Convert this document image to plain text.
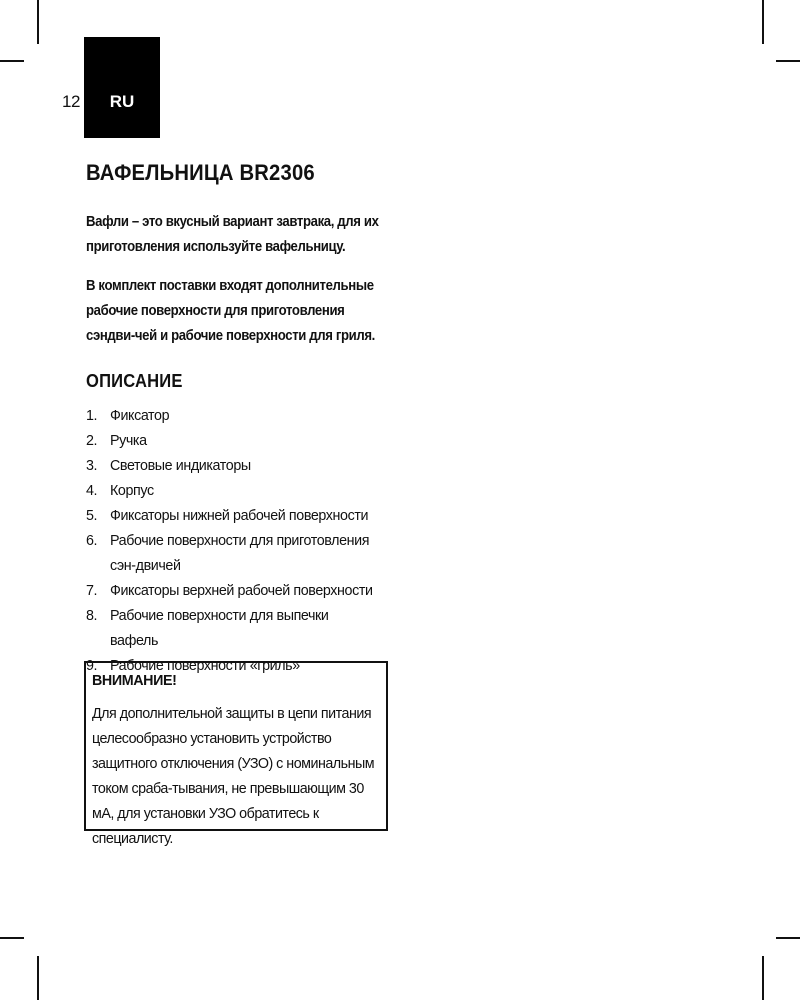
12 RU
ВАФЕЛЬНИЦА BR2306

Вафли – это вкусный вариант завтрака, для их приготовления используйте вафельницу.

В комплект поставки входят дополнительные рабочие поверхности для приготовления сэндви-чей и рабочие поверхности для гриля.

ОПИСАНИЕ
1. Фиксатор
2. Ручка
3. Световые индикаторы
4. Корпус
5. Фиксаторы нижней рабочей поверхности
6. Рабочие поверхности для приготовления сэн-двичей
7. Фиксаторы верхней рабочей поверхности
8. Рабочие поверхности для выпечки вафель
9. Рабочие поверхности «гриль»
ВНИМАНИЕ!
Для дополнительной защиты в цепи питания целесообразно установить устройство защитного отключения (УЗО) с номинальным током сраба-тывания, не превышающим 30 мА, для установки УЗО обратитесь к специалисту.
